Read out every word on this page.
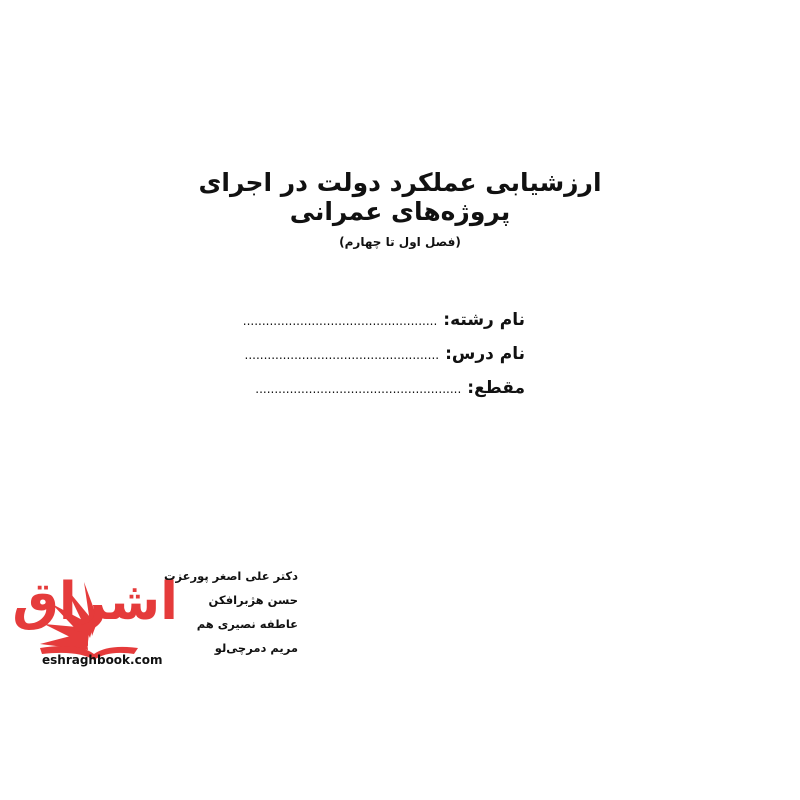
ارزشیابی عملکرد دولت در اجرای پروژه‌های عمرانی
(فصل اول تا چهارم)
نام رشته:
...................................................
نام درس:
...................................................
مقطع:
......................................................
اشراق
eshraghbook.com
دکتر علی اصغر پورعزت
حسن هژبرافکن
عاطفه نصیری هم
مریم دمرچی‌لو
